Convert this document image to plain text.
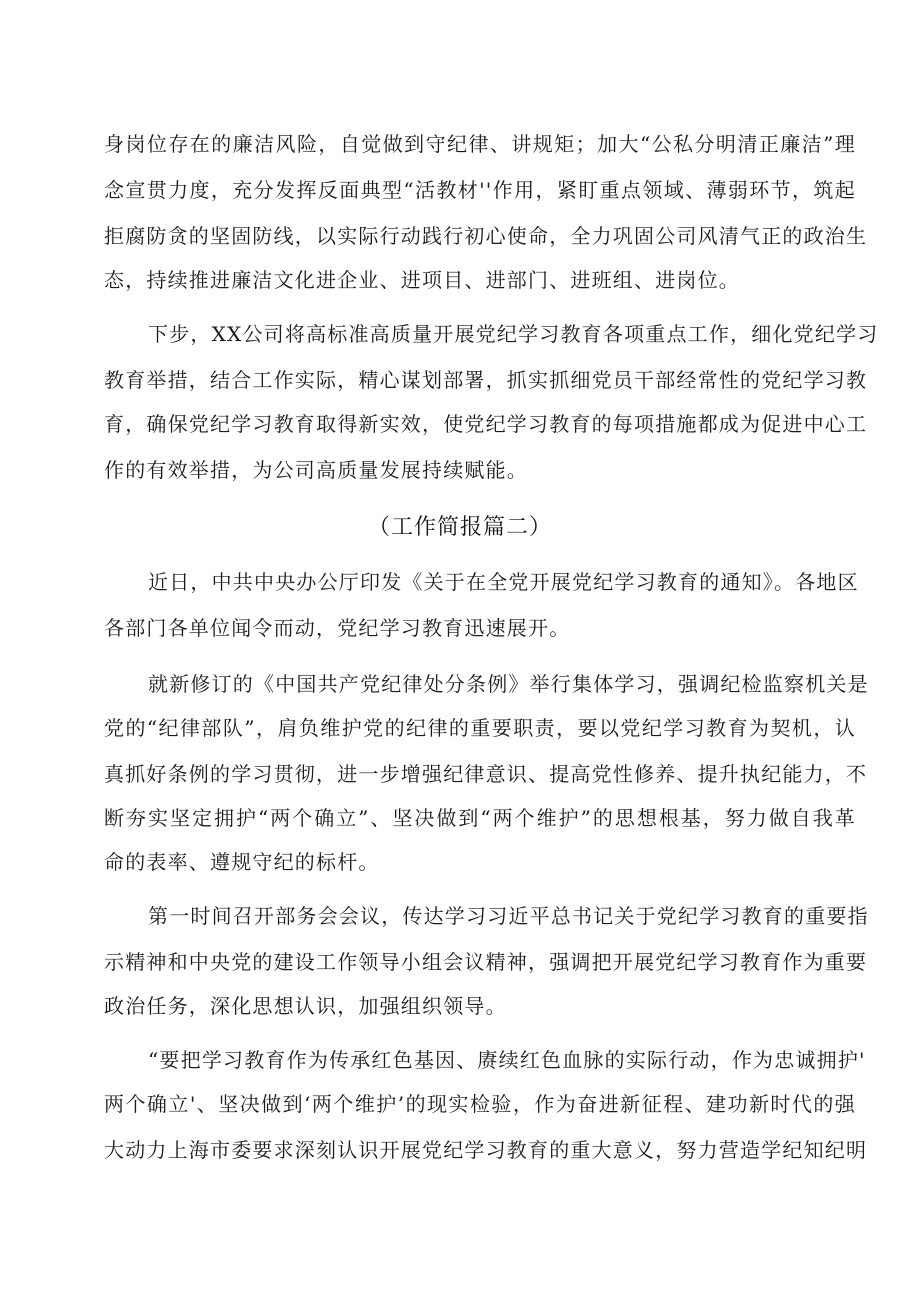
身岗位存在的廉洁风险，自觉做到守纪律、讲规矩；加大“公私分明清正廉洁”理
念宣贯力度，充分发挥反面典型“活教材''作用，紧盯重点领域、薄弱环节，筑起
拒腐防贪的坚固防线，以实际行动践行初心使命，全力巩固公司风清气正的政治生
态，持续推进廉洁文化进企业、进项目、进部门、进班组、进岗位。
下步，XX公司将高标准高质量开展党纪学习教育各项重点工作，细化党纪学习
教育举措，结合工作实际，精心谋划部署，抓实抓细党员干部经常性的党纪学习教
育，确保党纪学习教育取得新实效，使党纪学习教育的每项措施都成为促进中心工
作的有效举措，为公司高质量发展持续赋能。
（工作简报篇二）
近日，中共中央办公厅印发《关于在全党开展党纪学习教育的通知》。各地区
各部门各单位闻令而动，党纪学习教育迅速展开。
就新修订的《中国共产党纪律处分条例》举行集体学习，强调纪检监察机关是
党的“纪律部队”，肩负维护党的纪律的重要职责，要以党纪学习教育为契机，认
真抓好条例的学习贯彻，进一步增强纪律意识、提高党性修养、提升执纪能力，不
断夯实坚定拥护“两个确立”、坚决做到“两个维护”的思想根基，努力做自我革
命的表率、遵规守纪的标杆。
第一时间召开部务会会议，传达学习习近平总书记关于党纪学习教育的重要指
示精神和中央党的建设工作领导小组会议精神，强调把开展党纪学习教育作为重要
政治任务，深化思想认识，加强组织领导。
“要把学习教育作为传承红色基因、赓续红色血脉的实际行动，作为忠诚拥护'
两个确立'、坚决做到‘两个维护’的现实检验，作为奋进新征程、建功新时代的强
大动力上海市委要求深刻认识开展党纪学习教育的重大意义，努力营造学纪知纪明
